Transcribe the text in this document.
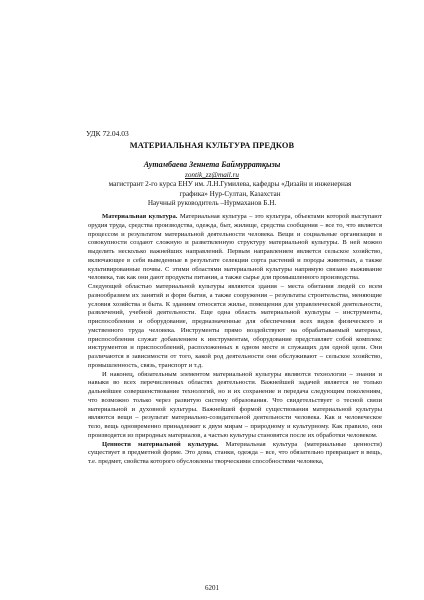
УДК 72.04.03
МАТЕРИАЛЬНАЯ КУЛЬТУРА ПРЕДКОВ
Аутамбаева Зеннета Баймурратқызы
zontik_zz@mail.ru
магистрант 2-го курса ЕНУ им. Л.Н.Гумилева, кафедры «Дизайн и инженерная
графика» Нур-Султан, Казахстан
Научный руководитель –Нурмаханов Б.Н.

Материальная культура. Материальная культура – это культура, объектами которой выступают орудия труда, средства производства, одежда, быт, жилище, средства сообщения – все то, что является процессом и результатом материальной деятельности человека. Вещи и социальные организации в совокупности создают сложную и разветвленную структуру материальной культуры. В ней можно выделить несколько важнейших направлений. Первым направлением является сельское хозяйство, включающее в себя выведенные в результате селекции сорта растений и породы животных, а также культивированные почвы. С этими областями материальной культуры напрямую связано выживание человека, так как они дают продукты питания, а также сырье для промышленного производства.

Следующей областью материальной культуры являются здания – места обитания людей со всем разнообразием их занятий и форм бытия, а также сооружения – результаты строительства, меняющие условия хозяйства и быта. К зданиям относятся жилье, помещения для управленческой деятельности, развлечений, учебной деятельности. Еще одна область материальной культуры – инструменты, приспособления и оборудование, предназначенные для обеспечения всех видов физического и умственного труда человека. Инструменты прямо воздействуют на обрабатываемый материал, приспособления служат добавлением к инструментам, оборудование представляет собой комплекс инструментов и приспособлений, расположенных в одном месте и служащих для одной цели. Они различаются в зависимости от того, какой род деятельности они обслуживают – сельское хозяйство, промышленность, связь, транспорт и т.д.

И наконец, обязательным элементом материальной культуры являются технологии – знания и навыки во всех перечисленных областях деятельности. Важнейшей задачей является не только дальнейшее совершенствование технологий, но и их сохранение и передача следующим поколениям, что возможно только через развитую систему образования. Что свидетельствует о тесной связи материальной и духовной культуры. Важнейшей формой существования материальной культуры являются вещи – результат материально-созидательной деятельности человека. Как и человеческое тело, вещь одновременно принадлежит к двум мирам – природному и культурному. Как правило, они производятся из природных материалов, а частью культуры становятся после их обработки человеком.

Ценности материальной культуры. Материальная культура (материальные ценности) существует в предметной форме. Это дома, станки, одежда – все, что обязательно превращает в вещь, т.е. предмет, свойства которого обусловлены творческими способностями человека,

6201
